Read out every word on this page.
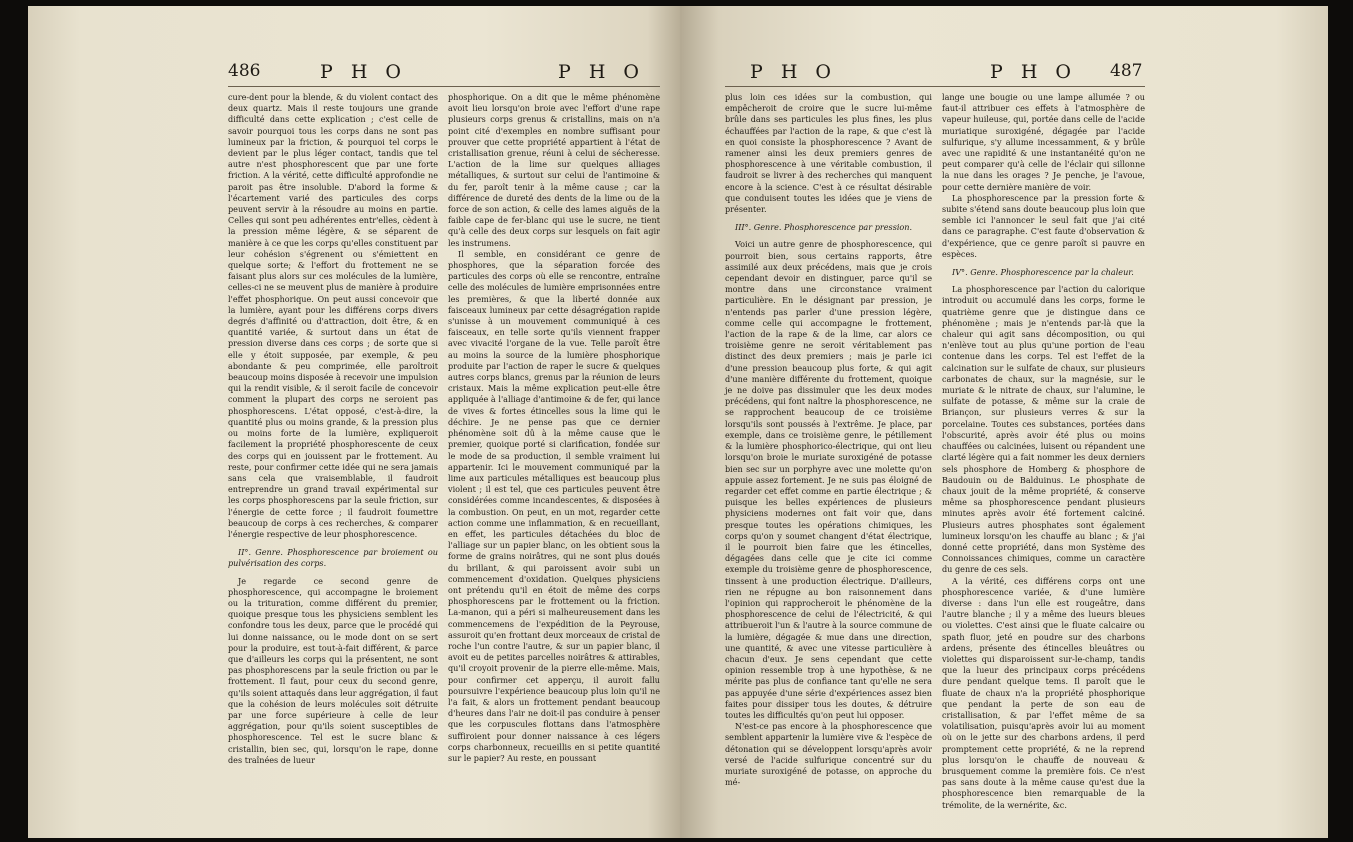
486	P H O	P H O

cure-dent pour la blende, & du violent contact des deux quartz. Mais il reste toujours une grande difficulté dans cette explication ; c'est celle de savoir pourquoi tous les corps dans ne sont pas lumineux par la friction, & pourquoi tel corps le devient par le plus léger contact, tandis que tel autre n'est phosphorescent que par une forte friction. A la vérité, cette difficulté approfondie ne paroit pas être insoluble. D'abord la forme & l'écartement varié des particules des corps peuvent servir à la résoudre au moins en partie. Celles qui sont peu adhérentes entr'elles, cèdent à la pression même légère, & se séparent de manière à ce que les corps qu'elles constituent par leur cohésion s'égrenent ou s'émiettent en quelque sorte; & l'effort du frottement ne se faisant plus alors sur ces molécules de la lumière, celles-ci ne se meuvent plus de manière à produire l'effet phosphorique. On peut aussi concevoir que la lumière, ayant pour les différens corps divers degrés d'affinité ou d'attraction, doit être, & en quantité variée, & surtout dans un état de pression diverse dans ces corps ; de sorte que si elle y étoit supposée, par exemple, & peu abondante & peu comprimée, elle paroîtroit beaucoup moins disposée à recevoir une impulsion qui la rendit visible, & il seroit facile de concevoir comment la plupart des corps ne seroient pas phosphorescens. L'état opposé, c'est-à-dire, la quantité plus ou moins grande, & la pression plus ou moins forte de la lumière, expliqueroit facilement la propriété phosphorescente de ceux des corps qui en jouissent par le frottement. Au reste, pour confirmer cette idée qui ne sera jamais sans cela que vraisemblable, il faudroit entreprendre un grand travail expérimental sur les corps phosphorescens par la seule friction, sur l'énergie de cette force ; il faudroit foumettre beaucoup de corps à ces recherches, & comparer l'énergie respective de leur phosphorescence.

II°. Genre. Phosphorescence par broiement ou pulvérisation des corps.

Je regarde ce second genre de phosphorescence, qui accompagne le broiement ou la trituration, comme différent du premier, quoique presque tous les physiciens semblent les confondre tous les deux, parce que le procédé qui lui donne naissance, ou le mode dont on se sert pour la produire, est tout-à-fait différent, & parce que d'ailleurs les corps qui la présentent, ne sont pas phosphorescens par la seule friction ou par le frottement. Il faut, pour ceux du second genre, qu'ils soient attaqués dans leur aggrégation, il faut que la cohésion de leurs molécules soit détruite par une force supérieure à celle de leur aggrégation, pour qu'ils soient susceptibles de phosphorescence. Tel est le sucre blanc & cristallin, bien sec, qui, lorsqu'on le rape, donne des traînées de lueur

phosphorique. On a dit que le même phénomène avoit lieu lorsqu'on broie avec l'effort d'une rape plusieurs corps grenus & cristallins, mais on n'a point cité d'exemples en nombre suffisant pour prouver que cette propriété appartient à l'état de cristallisation grenue, réuni à celui de sécheresse. L'action de la lime sur quelques alliages métalliques, & surtout sur celui de l'antimoine & du fer, paroît tenir à la même cause ; car la différence de dureté des dents de la lime ou de la force de son action, & celle des lames aiguës de la faible cape de fer-blanc qui use le sucre, ne tient qu'à celle des deux corps sur lesquels on fait agir les instrumens.

Il semble, en considérant ce genre de phosphores, que la séparation forcée des particules des corps où elle se rencontre, entraîne celle des molécules de lumière emprisonnées entre les premières, & que la liberté donnée aux faisceaux lumineux par cette désagrégation rapide s'unisse à un mouvement communiqué à ces faisceaux, en telle sorte qu'ils viennent frapper avec vivacité l'organe de la vue. Telle paroît être au moins la source de la lumière phosphorique produite par l'action de raper le sucre & quelques autres corps blancs, grenus par la réunion de leurs cristaux. Mais la même explication peut-elle être appliquée à l'alliage d'antimoine & de fer, qui lance de vives & fortes étincelles sous la lime qui le déchire. Je ne pense pas que ce dernier phénomène soit dû à la même cause que le premier, quoique porté si clarification, fondée sur le mode de sa production, il semble vraiment lui appartenir. Ici le mouvement communiqué par la lime aux particules métalliques est beaucoup plus violent ; il est tel, que ces particules peuvent être considérées comme incandescentes, & disposées à la combustion. On peut, en un mot, regarder cette action comme une inflammation, & en recueillant, en effet, les particules détachées du bloc de l'alliage sur un papier blanc, on les obtient sous la forme de grains noirâtres, qui ne sont plus doués du brillant, & qui paroissent avoir subi un commencement d'oxidation. Quelques physiciens ont prétendu qu'il en étoit de même des corps phosphorescens par le frottement ou la friction. La-manon, qui a péri si malheureusement dans les commencemens de l'expédition de la Peyrouse, assuroit qu'en frottant deux morceaux de cristal de roche l'un contre l'autre, & sur un papier blanc, il avoit eu de petites parcelles noirâtres & attirables, qu'il croyoit provenir de la pierre elle-même. Mais, pour confirmer cet apperçu, il auroit fallu poursuivre l'expérience beaucoup plus loin qu'il ne l'a fait, & alors un frottement pendant beaucoup d'heures dans l'air ne doit-il pas conduire à penser que les corpuscules flottans dans l'atmosphère suffiroient pour donner naissance à ces légers corps charbonneux, recueillis en si petite quantité sur le papier? Au reste, en poussant

P H O	P H O 487

plus loin ces idées sur la combustion, qui empêcheroit de croire que le sucre lui-même brûle dans ses particules les plus fines, les plus échauffées par l'action de la rape, & que c'est là en quoi consiste la phosphorescence ? Avant de ramener ainsi les deux premiers genres de phosphorescence à une véritable combustion, il faudroit se livrer à des recherches qui manquent encore à la science. C'est à ce résultat désirable que conduisent toutes les idées que je viens de présenter.

III°. Genre. Phosphorescence par pression.

Voici un autre genre de phosphorescence, qui pourroit bien, sous certains rapports, être assimilé aux deux précédens, mais que je crois cependant devoir en distinguer, parce qu'il se montre dans une circonstance vraiment particulière. En le désignant par pression, je n'entends pas parler d'une pression légère, comme celle qui accompagne le frottement, l'action de la rape & de la lime, car alors ce troisième genre ne seroit véritablement pas distinct des deux premiers ; mais je parle ici d'une pression beaucoup plus forte, & qui agit d'une manière différente du frottement, quoique je ne doive pas dissimuler que les deux modes précédens, qui font naître la phosphorescence, ne se rapprochent beaucoup de ce troisième lorsqu'ils sont poussés à l'extrême. Je place, par exemple, dans ce troisième genre, le pétillement & la lumière phosphorico-électrique, qui ont lieu lorsqu'on broie le muriate suroxigéné de potasse bien sec sur un porphyre avec une molette qu'on appuie assez fortement. Je ne suis pas éloigné de regarder cet effet comme en partie électrique ; & puisque les belles expériences de plusieurs physiciens modernes ont fait voir que, dans presque toutes les opérations chimiques, les corps qu'on y soumet changent d'état électrique, il le pourroit bien faire que les étincelles, dégagées dans celle que je cite ici comme exemple du troisième genre de phosphorescence, tinssent à une production électrique. D'ailleurs, rien ne répugne au bon raisonnement dans l'opinion qui rapprocheroit le phénomène de la phosphorescence de celui de l'électricité, & qui attribueroit l'un & l'autre à la source commune de la lumière, dégagée & mue dans une direction, une quantité, & avec une vitesse particulière à chacun d'eux. Je sens cependant que cette opinion ressemble trop à une hypothèse, & ne mérite pas plus de confiance tant qu'elle ne sera pas appuyée d'une série d'expériences assez bien faites pour dissiper tous les doutes, & détruire toutes les difficultés qu'on peut lui opposer.

N'est-ce pas encore à la phosphorescence que semblent appartenir la lumière vive & l'espèce de détonation qui se développent lorsqu'après avoir versé de l'acide sulfurique concentré sur du muriate suroxigéné de potasse, on approche du mé-

lange une bougie ou une lampe allumée ? ou faut-il attribuer ces effets à l'atmosphère de vapeur huileuse, qui, portée dans celle de l'acide muriatique suroxigéné, dégagée par l'acide sulfurique, s'y allume incessamment, & y brûle avec une rapidité & une instantanéité qu'on ne peut comparer qu'à celle de l'éclair qui sillonne la nue dans les orages ? Je penche, je l'avoue, pour cette dernière manière de voir.

La phosphorescence par la pression forte & subite s'étend sans doute beaucoup plus loin que semble ici l'annoncer le seul fait que j'ai cité dans ce paragraphe. C'est faute d'observation & d'expérience, que ce genre paroît si pauvre en espèces.

IV°. Genre. Phosphorescence par la chaleur.

La phosphorescence par l'action du calorique introduit ou accumulé dans les corps, forme le quatrième genre que je distingue dans ce phénomène ; mais je n'entends par-là que la chaleur qui agit sans décomposition, ou qui n'enlève tout au plus qu'une portion de l'eau contenue dans les corps. Tel est l'effet de la calcination sur le sulfate de chaux, sur plusieurs carbonates de chaux, sur la magnésie, sur le muriate & le nitrate de chaux, sur l'alumine, le sulfate de potasse, & même sur la craie de Briançon, sur plusieurs verres & sur la porcelaine. Toutes ces substances, portées dans l'obscurité, après avoir été plus ou moins chauffées ou calcinées, luisent ou répandent une clarté légère qui a fait nommer les deux derniers sels phosphore de Homberg & phosphore de Baudouin ou de Balduinus. Le phosphate de chaux jouit de la même propriété, & conserve même sa phosphorescence pendant plusieurs minutes après avoir été fortement calciné. Plusieurs autres phosphates sont également lumineux lorsqu'on les chauffe au blanc ; & j'ai donné cette propriété, dans mon Système des Connoissances chimiques, comme un caractère du genre de ces sels.

A la vérité, ces différens corps ont une phosphorescence variée, & d'une lumière diverse : dans l'un elle est rougeâtre, dans l'autre blanche ; il y a même des lueurs bleues ou violettes. C'est ainsi que le fluate calcaire ou spath fluor, jeté en poudre sur des charbons ardens, présente des étincelles bleuâtres ou violettes qui disparoissent sur-le-champ, tandis que la lueur des principaux corps précédens dure pendant quelque tems. Il paroît que le fluate de chaux n'a la propriété phosphorique que pendant la perte de son eau de cristallisation, & par l'effet même de sa volatilisation, puisqu'après avoir lui au moment où on le jette sur des charbons ardens, il perd promptement cette propriété, & ne la reprend plus lorsqu'on le chauffe de nouveau & brusquement comme la première fois. Ce n'est pas sans doute à la même cause qu'est due la phosphorescence bien remarquable de la trémolite, de la wernérite, &c.
